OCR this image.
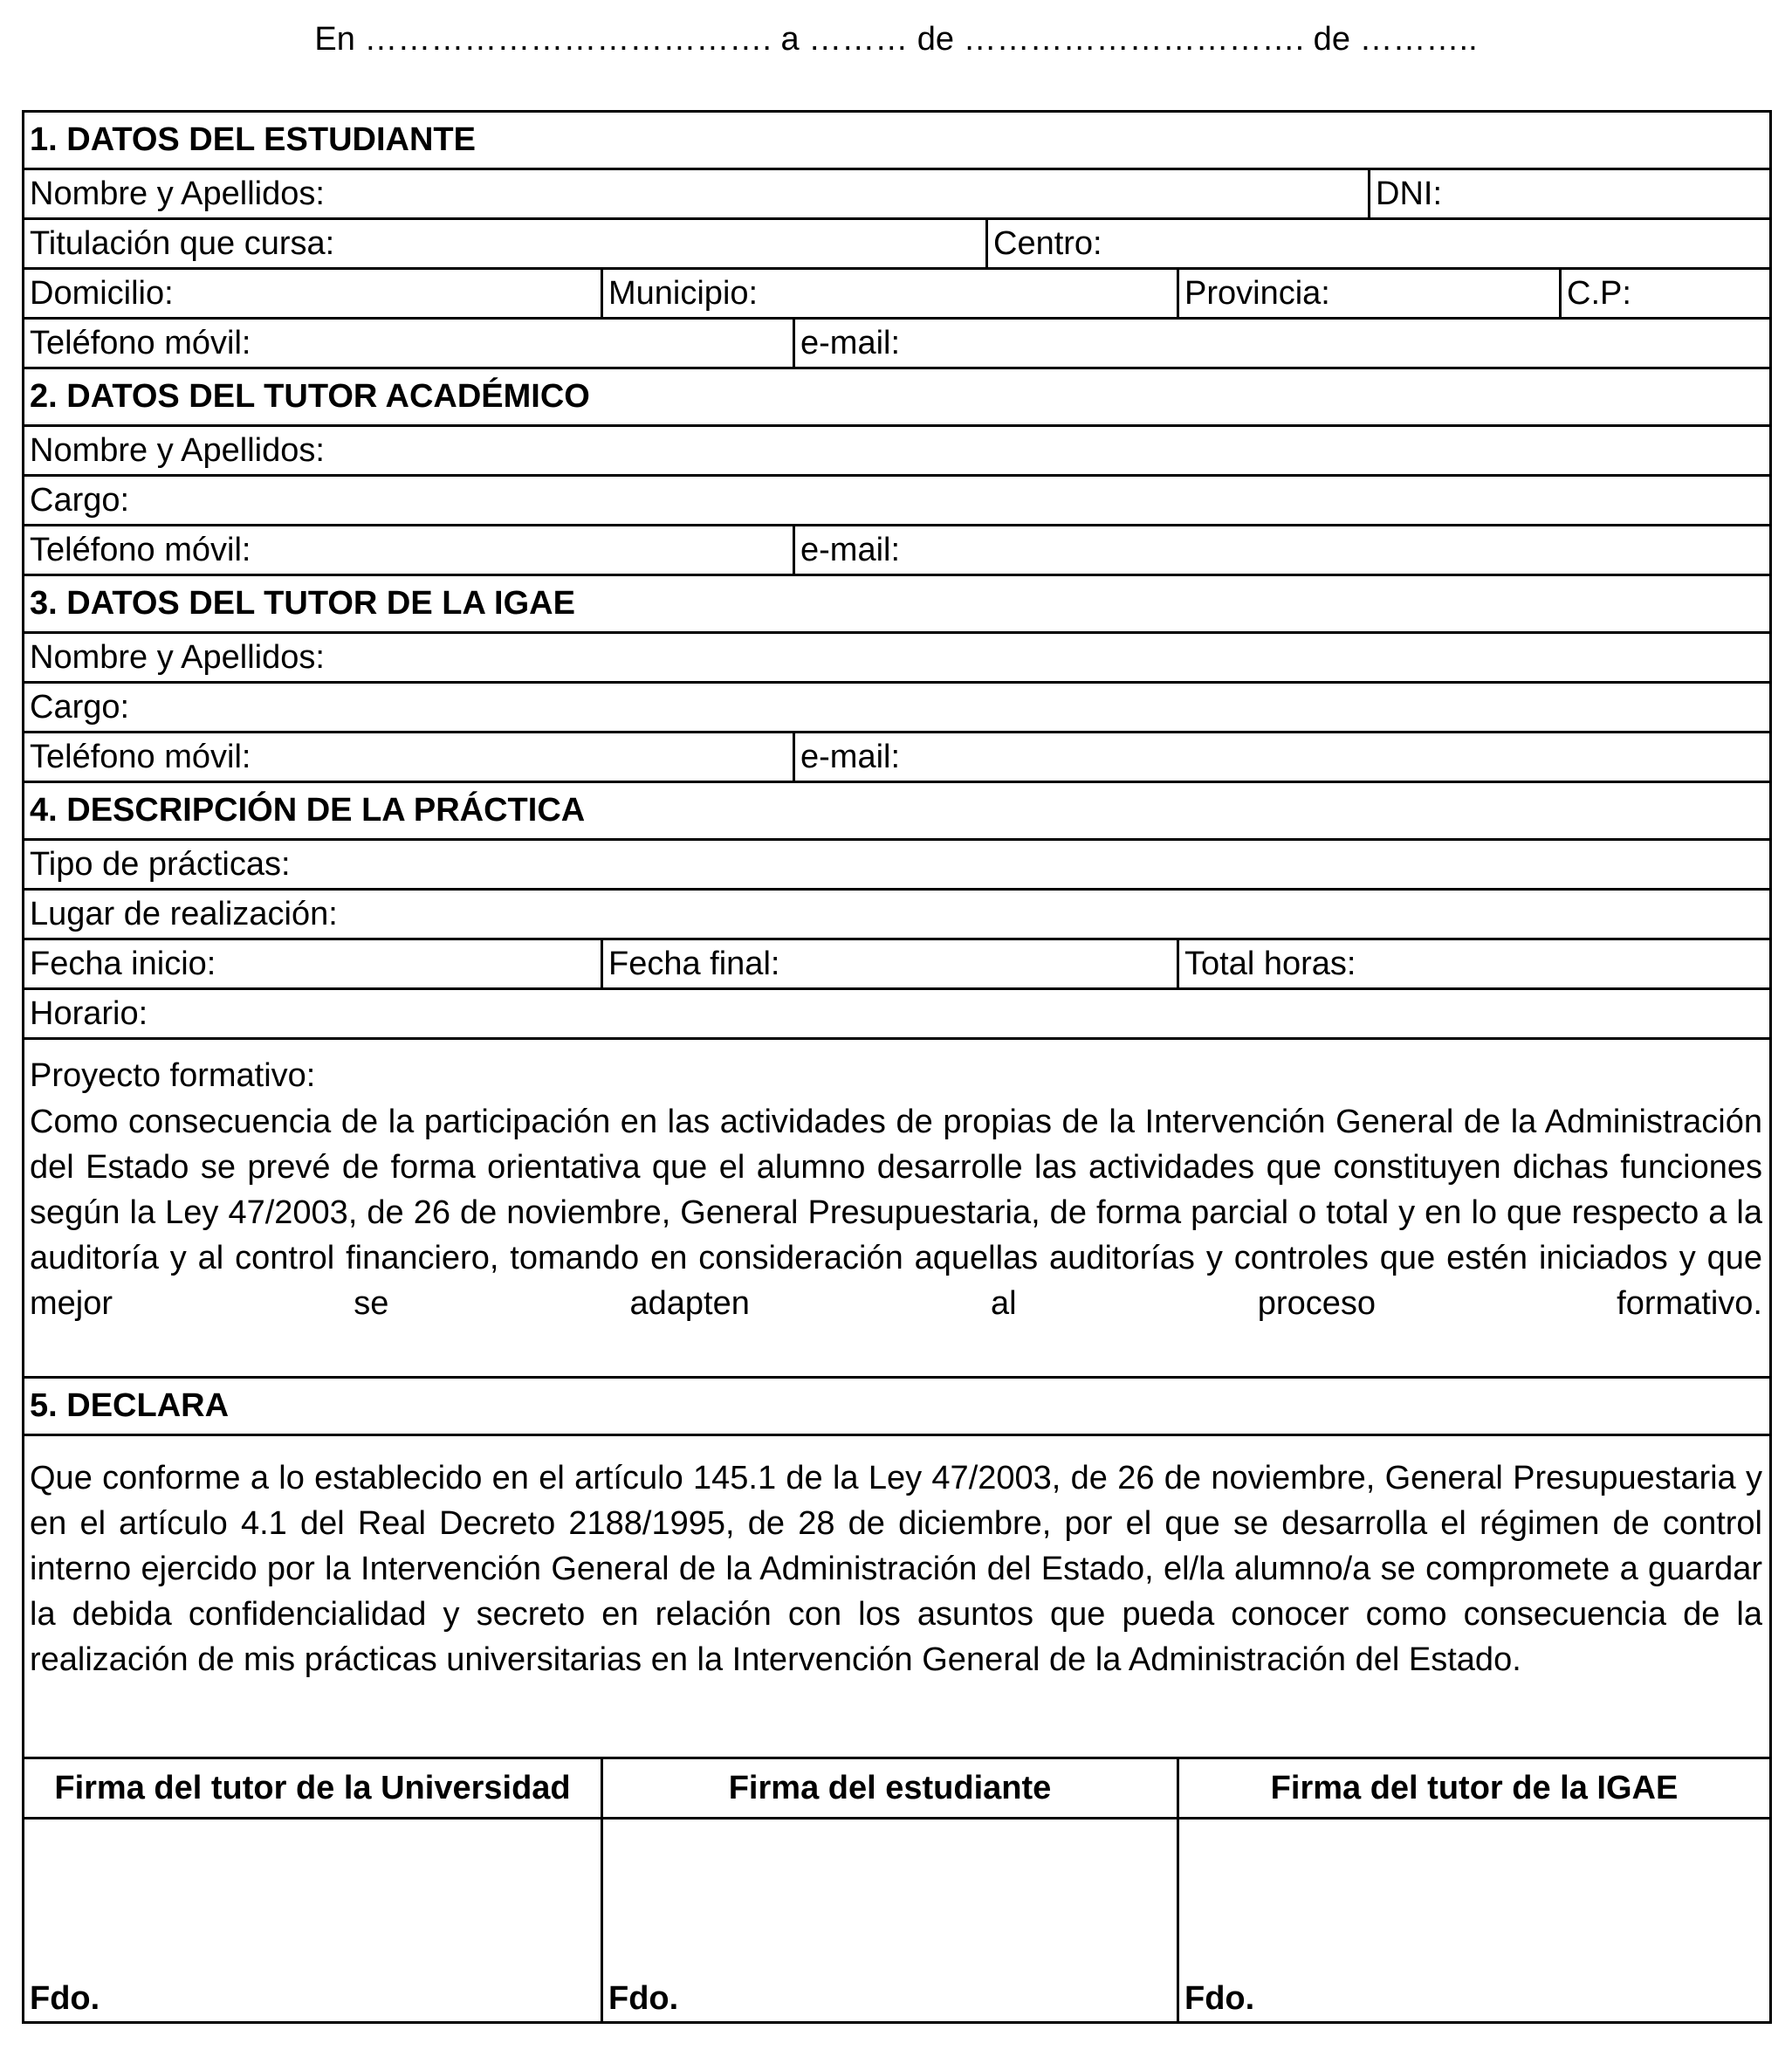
En ………………………………. a ……… de …………………………. de ………..
1. DATOS DEL ESTUDIANTE
Nombre y Apellidos:	DNI:
Titulación que cursa:	Centro:
Domicilio:	Municipio:	Provincia:	C.P:
Teléfono móvil:	e-mail:
2. DATOS DEL TUTOR ACADÉMICO
Nombre y Apellidos:
Cargo:
Teléfono móvil:	e-mail:
3. DATOS DEL TUTOR DE LA IGAE
Nombre y Apellidos:
Cargo:
Teléfono móvil:	e-mail:
4. DESCRIPCIÓN DE LA PRÁCTICA
Tipo de prácticas:
Lugar de realización:
Fecha inicio:	Fecha final:	Total horas:
Horario:
Proyecto formativo:
Como consecuencia de la participación en las actividades de propias de la Intervención General de la Administración del Estado se prevé de forma orientativa que el alumno desarrolle las actividades que constituyen dichas funciones según la Ley 47/2003, de 26 de noviembre, General Presupuestaria, de forma parcial o total y en lo que respecto a la auditoría y al control financiero, tomando en consideración aquellas auditorías y controles que estén iniciados y que mejor se adapten al proceso formativo.
5. DECLARA
Que conforme a lo establecido en el artículo 145.1 de la Ley 47/2003, de 26 de noviembre, General Presupuestaria y en el artículo 4.1 del Real Decreto 2188/1995, de 28 de diciembre, por el que se desarrolla el régimen de control interno ejercido por la Intervención General de la Administración del Estado, el/la alumno/a se compromete a guardar la debida confidencialidad y secreto en relación con los asuntos que pueda conocer como consecuencia de la realización de mis prácticas universitarias en la Intervención General de la Administración del Estado.
Firma del tutor de la Universidad	Firma del estudiante	Firma del tutor de la IGAE
Fdo.	Fdo.	Fdo.
